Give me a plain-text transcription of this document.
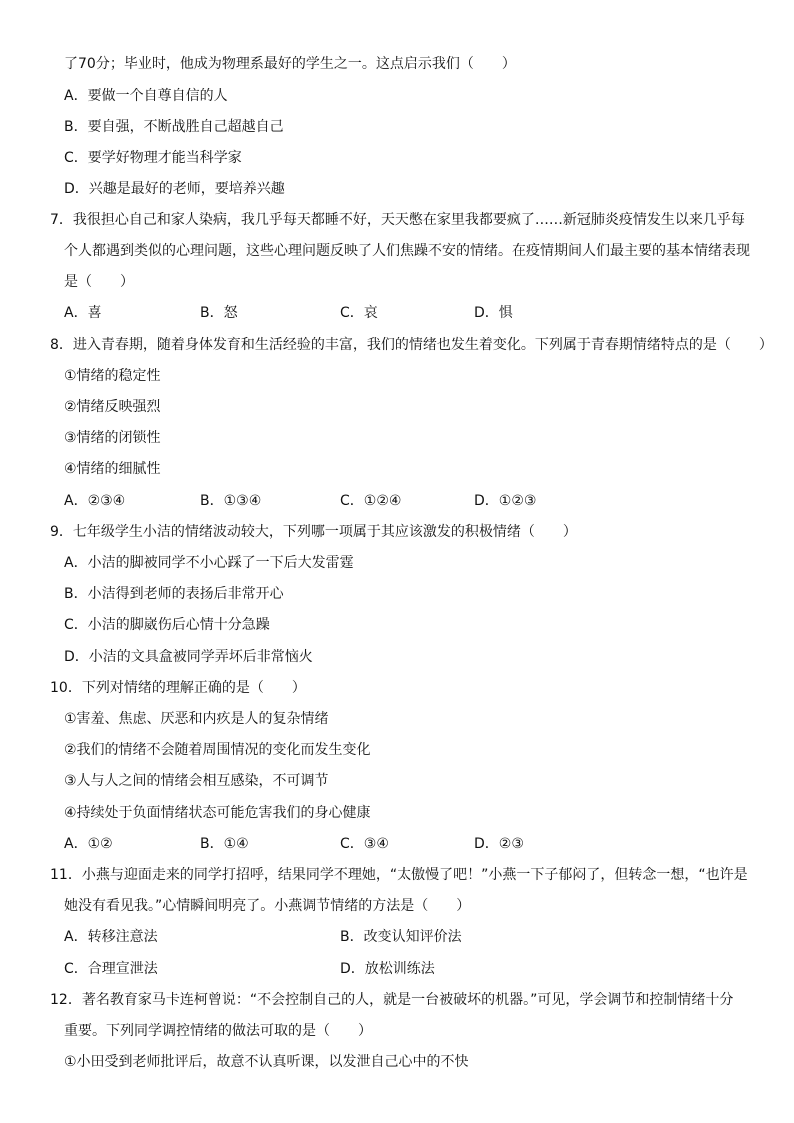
了70分；毕业时，他成为物理系最好的学生之一。这点启示我们（　　）
A．要做一个自尊自信的人
B．要自强，不断战胜自己超越自己
C．要学好物理才能当科学家
D．兴趣是最好的老师，要培养兴趣
7．我很担心自己和家人染病，我几乎每天都睡不好，天天憋在家里我都要疯了……新冠肺炎疫情发生以来几乎每
个人都遇到类似的心理问题，这些心理问题反映了人们焦躁不安的情绪。在疫情期间人们最主要的基本情绪表现
是（　　）
A．喜	B．怒	C．哀	D．惧
8．进入青春期，随着身体发育和生活经验的丰富，我们的情绪也发生着变化。下列属于青春期情绪特点的是（　　）
①情绪的稳定性
②情绪反映强烈
③情绪的闭锁性
④情绪的细腻性
A．②③④	B．①③④	C．①②④	D．①②③
9．七年级学生小洁的情绪波动较大，下列哪一项属于其应该激发的积极情绪（　　）
A．小洁的脚被同学不小心踩了一下后大发雷霆
B．小洁得到老师的表扬后非常开心
C．小洁的脚崴伤后心情十分急躁
D．小洁的文具盒被同学弄坏后非常恼火
10．下列对情绪的理解正确的是（　　）
①害羞、焦虑、厌恶和内疚是人的复杂情绪
②我们的情绪不会随着周围情况的变化而发生变化
③人与人之间的情绪会相互感染，不可调节
④持续处于负面情绪状态可能危害我们的身心健康
A．①②	B．①④	C．③④	D．②③
11．小燕与迎面走来的同学打招呼，结果同学不理她，“太傲慢了吧！”小燕一下子郁闷了，但转念一想，“也许是
她没有看见我。”心情瞬间明亮了。小燕调节情绪的方法是（　　）
A．转移注意法	B．改变认知评价法
C．合理宣泄法	D．放松训练法
12．著名教育家马卡连柯曾说：“不会控制自己的人，就是一台被破坏的机器。”可见，学会调节和控制情绪十分
重要。下列同学调控情绪的做法可取的是（　　）
①小田受到老师批评后，故意不认真听课，以发泄自己心中的不快
